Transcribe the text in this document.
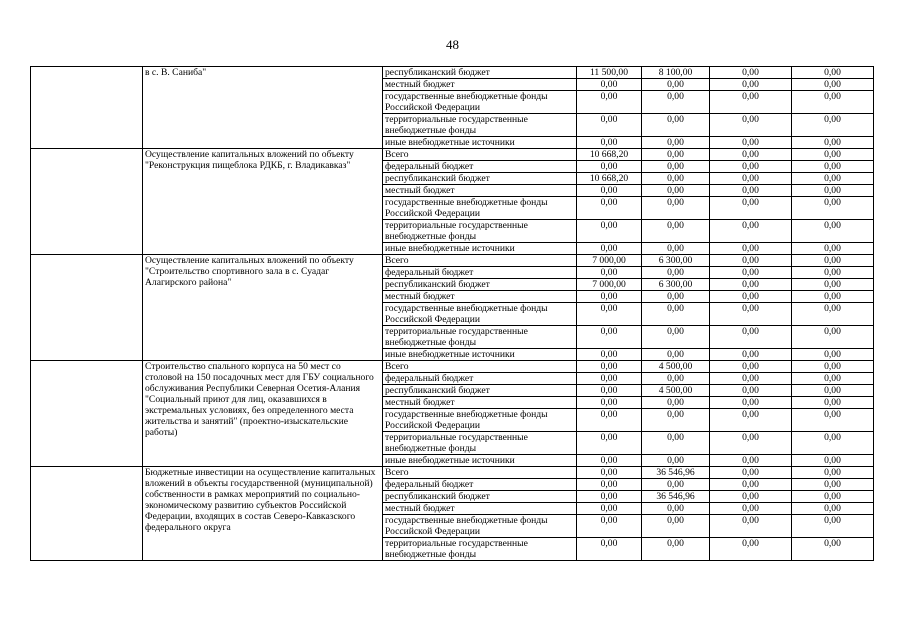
48
	в с. В. Саниба"	республиканский бюджет	11 500,00	8 100,00	0,00	0,00
		местный бюджет	0,00	0,00	0,00	0,00
		государственные внебюджетные фонды Российской Федерации	0,00	0,00	0,00	0,00
		территориальные государственные внебюджетные фонды	0,00	0,00	0,00	0,00
		иные внебюджетные источники	0,00	0,00	0,00	0,00
	Осуществление капитальных вложений по объекту "Реконструкция пищеблока РДКБ, г. Владикавказ"	Всего	10 668,20	0,00	0,00	0,00
		федеральный бюджет	0,00	0,00	0,00	0,00
		республиканский бюджет	10 668,20	0,00	0,00	0,00
		местный бюджет	0,00	0,00	0,00	0,00
		государственные внебюджетные фонды Российской Федерации	0,00	0,00	0,00	0,00
		территориальные государственные внебюджетные фонды	0,00	0,00	0,00	0,00
		иные внебюджетные источники	0,00	0,00	0,00	0,00
	Осуществление капитальных вложений по объекту "Строительство спортивного зала в с. Суадаг Алагирского района"	Всего	7 000,00	6 300,00	0,00	0,00
		федеральный бюджет	0,00	0,00	0,00	0,00
		республиканский бюджет	7 000,00	6 300,00	0,00	0,00
		местный бюджет	0,00	0,00	0,00	0,00
		государственные внебюджетные фонды Российской Федерации	0,00	0,00	0,00	0,00
		территориальные государственные внебюджетные фонды	0,00	0,00	0,00	0,00
		иные внебюджетные источники	0,00	0,00	0,00	0,00
	Строительство спального корпуса на 50 мест со столовой на 150 посадочных мест для ГБУ социального обслуживания Республики Северная Осетия-Алания "Социальный приют для лиц, оказавшихся в экстремальных условиях, без определенного места жительства и занятий" (проектно-изыскательские работы)	Всего	0,00	4 500,00	0,00	0,00
		федеральный бюджет	0,00	0,00	0,00	0,00
		республиканский бюджет	0,00	4 500,00	0,00	0,00
		местный бюджет	0,00	0,00	0,00	0,00
		государственные внебюджетные фонды Российской Федерации	0,00	0,00	0,00	0,00
		территориальные государственные внебюджетные фонды	0,00	0,00	0,00	0,00
		иные внебюджетные источники	0,00	0,00	0,00	0,00
	Бюджетные инвестиции на осуществление капитальных вложений в объекты государственной (муниципальной) собственности в рамках мероприятий по социально-экономическому развитию субъектов Российской Федерации, входящих в состав Северо-Кавказского федерального округа	Всего	0,00	36 546,96	0,00	0,00
		федеральный бюджет	0,00	0,00	0,00	0,00
		республиканский бюджет	0,00	36 546,96	0,00	0,00
		местный бюджет	0,00	0,00	0,00	0,00
		государственные внебюджетные фонды Российской Федерации	0,00	0,00	0,00	0,00
		территориальные государственные внебюджетные фонды	0,00	0,00	0,00	0,00
